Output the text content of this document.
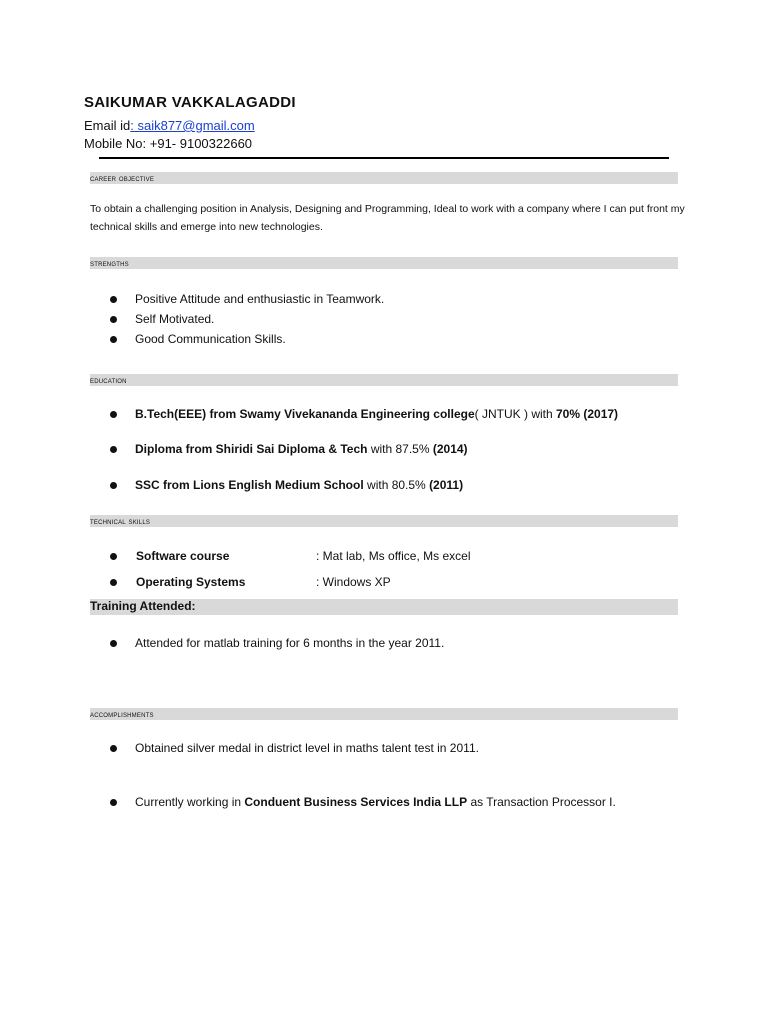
SAIKUMAR VAKKALAGADDI
Email id: saik877@gmail.com
Mobile No: +91- 9100322660
career objective
To obtain a challenging position in Analysis, Designing and Programming, Ideal to work with a company where I can put front my technical skills and emerge into new technologies.
strengths
Positive Attitude and enthusiastic in Teamwork.
Self Motivated.
Good Communication Skills.
education
B.Tech(EEE) from Swamy Vivekananda Engineering college( JNTUK ) with 70% (2017)
Diploma from Shiridi Sai Diploma & Tech with 87.5% (2014)
SSC from Lions English Medium School with 80.5% (2011)
technical skills
Software course	: Mat lab, Ms office, Ms excel
Operating Systems	: Windows XP
Training Attended:
Attended for matlab training for 6 months in the year 2011.
accomplishments
Obtained silver medal in district level in maths talent test in 2011.
Currently working in Conduent Business Services India LLP as Transaction Processor I.
